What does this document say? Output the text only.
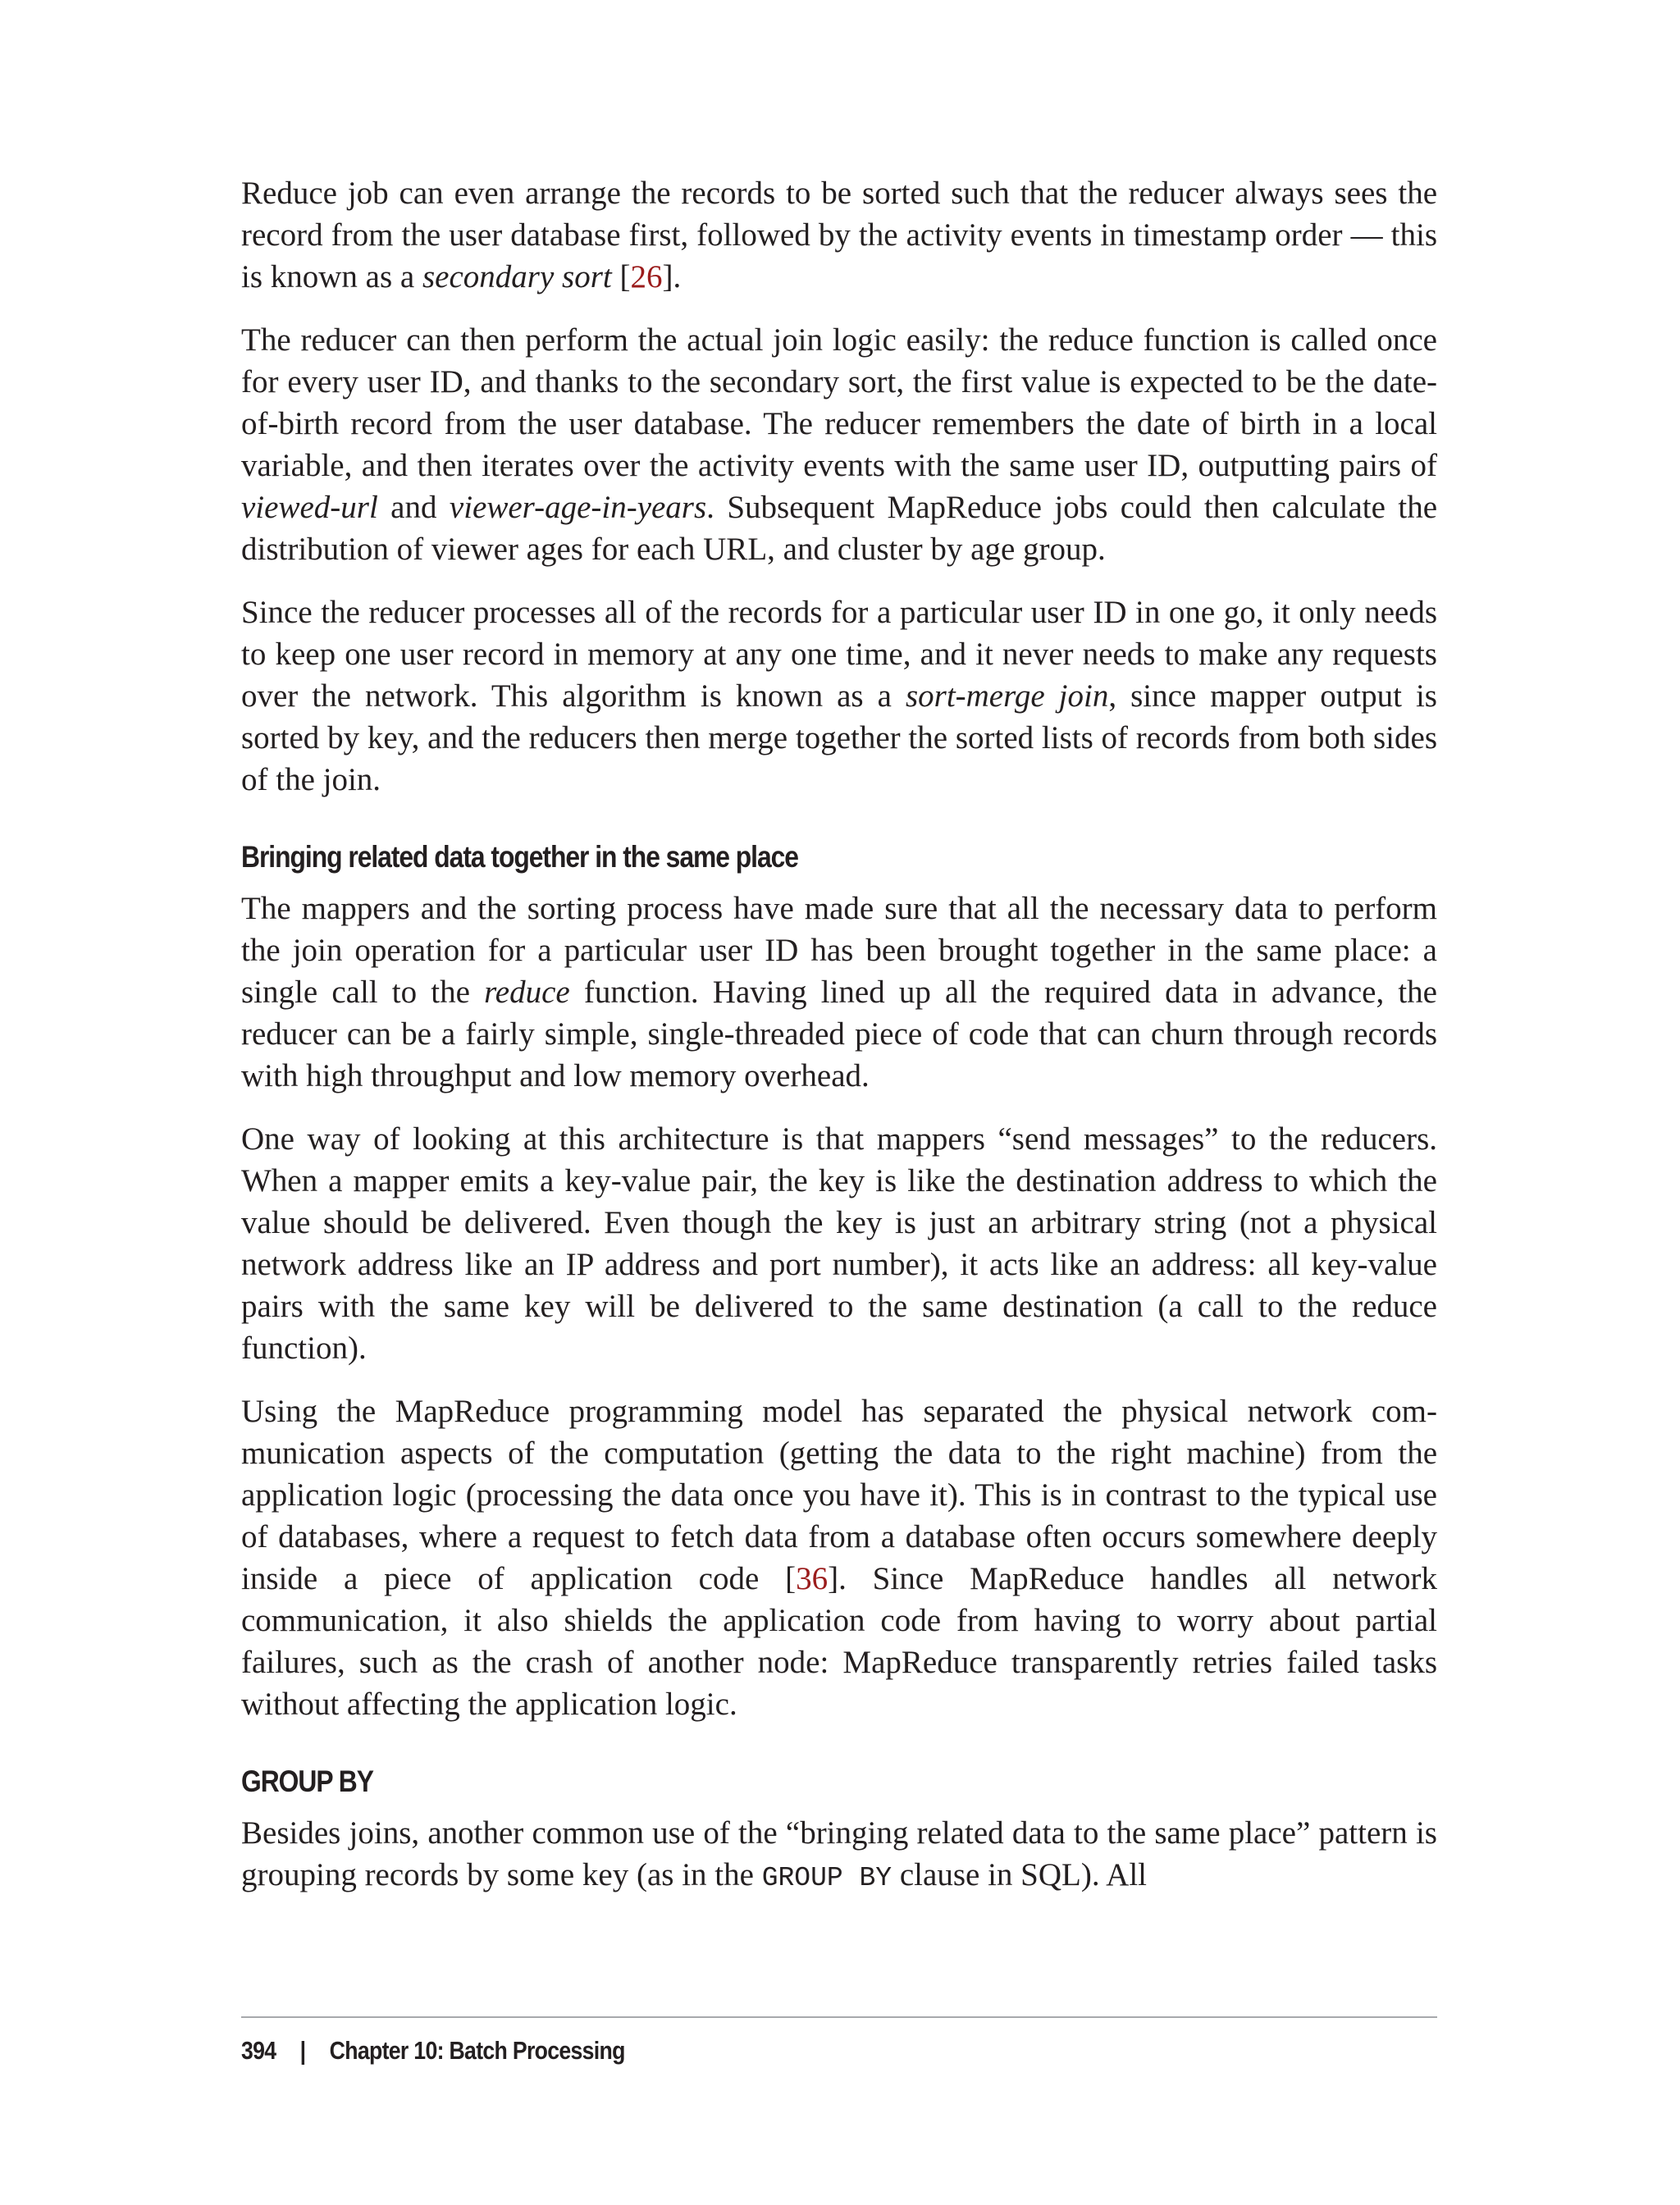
Reduce job can even arrange the records to be sorted such that the reducer always sees the record from the user database first, followed by the activity events in timestamp order — this is known as a secondary sort [26].

The reducer can then perform the actual join logic easily: the reduce function is called once for every user ID, and thanks to the secondary sort, the first value is expected to be the date-of-birth record from the user database. The reducer remembers the date of birth in a local variable, and then iterates over the activity events with the same user ID, outputting pairs of viewed-url and viewer-age-in-years. Subsequent MapReduce jobs could then calculate the distribution of viewer ages for each URL, and cluster by age group.

Since the reducer processes all of the records for a particular user ID in one go, it only needs to keep one user record in memory at any one time, and it never needs to make any requests over the network. This algorithm is known as a sort-merge join, since mapper output is sorted by key, and the reducers then merge together the sorted lists of records from both sides of the join.

Bringing related data together in the same place

The mappers and the sorting process have made sure that all the necessary data to perform the join operation for a particular user ID has been brought together in the same place: a single call to the reduce function. Having lined up all the required data in advance, the reducer can be a fairly simple, single-threaded piece of code that can churn through records with high throughput and low memory overhead.

One way of looking at this architecture is that mappers “send messages” to the reducers. When a mapper emits a key-value pair, the key is like the destination address to which the value should be delivered. Even though the key is just an arbitrary string (not a physical network address like an IP address and port number), it acts like an address: all key-value pairs with the same key will be delivered to the same destination (a call to the reduce function).

Using the MapReduce programming model has separated the physical network communication aspects of the computation (getting the data to the right machine) from the application logic (processing the data once you have it). This is in contrast to the typical use of databases, where a request to fetch data from a database often occurs somewhere deeply inside a piece of application code [36]. Since MapReduce handles all network communication, it also shields the application code from having to worry about partial failures, such as the crash of another node: MapReduce transparently retries failed tasks without affecting the application logic.

GROUP BY

Besides joins, another common use of the “bringing related data to the same place” pattern is grouping records by some key (as in the GROUP BY clause in SQL). All

394 | Chapter 10: Batch Processing
